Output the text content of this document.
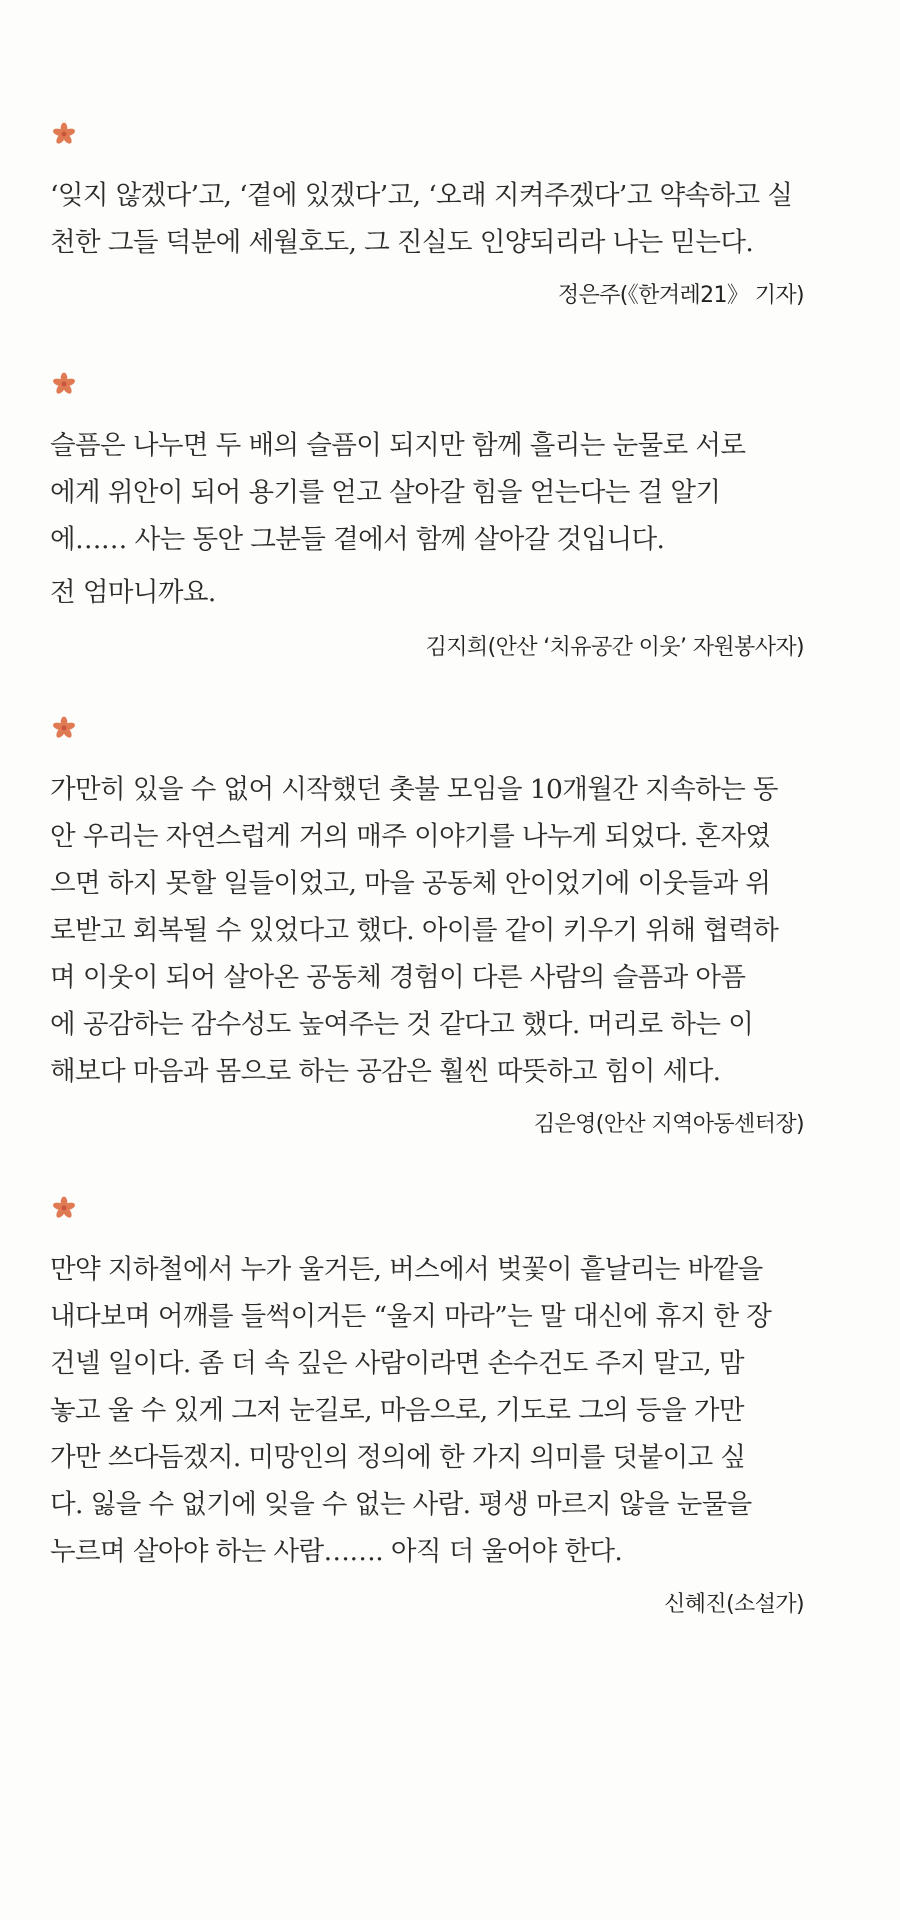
‘잊지 않겠다’고, ‘곁에 있겠다’고, ‘오래 지켜주겠다’고 약속하고 실
천한 그들 덕분에 세월호도, 그 진실도 인양되리라 나는 믿는다.

정은주(《한겨레21》 기자)

슬픔은 나누면 두 배의 슬픔이 되지만 함께 흘리는 눈물로 서로
에게 위안이 되어 용기를 얻고 살아갈 힘을 얻는다는 걸 알기
에…… 사는 동안 그분들 곁에서 함께 살아갈 것입니다.
전 엄마니까요.

김지희(안산 ‘치유공간 이웃’ 자원봉사자)

가만히 있을 수 없어 시작했던 촛불 모임을 10개월간 지속하는 동
안 우리는 자연스럽게 거의 매주 이야기를 나누게 되었다. 혼자였
으면 하지 못할 일들이었고, 마을 공동체 안이었기에 이웃들과 위
로받고 회복될 수 있었다고 했다. 아이를 같이 키우기 위해 협력하
며 이웃이 되어 살아온 공동체 경험이 다른 사람의 슬픔과 아픔
에 공감하는 감수성도 높여주는 것 같다고 했다. 머리로 하는 이
해보다 마음과 몸으로 하는 공감은 훨씬 따뜻하고 힘이 세다.

김은영(안산 지역아동센터장)

만약 지하철에서 누가 울거든, 버스에서 벚꽃이 흩날리는 바깥을
내다보며 어깨를 들썩이거든 “울지 마라”는 말 대신에 휴지 한 장
건넬 일이다. 좀 더 속 깊은 사람이라면 손수건도 주지 말고, 맘
놓고 울 수 있게 그저 눈길로, 마음으로, 기도로 그의 등을 가만
가만 쓰다듬겠지. 미망인의 정의에 한 가지 의미를 덧붙이고 싶
다. 잃을 수 없기에 잊을 수 없는 사람. 평생 마르지 않을 눈물을
누르며 살아야 하는 사람……. 아직 더 울어야 한다.

신혜진(소설가)
